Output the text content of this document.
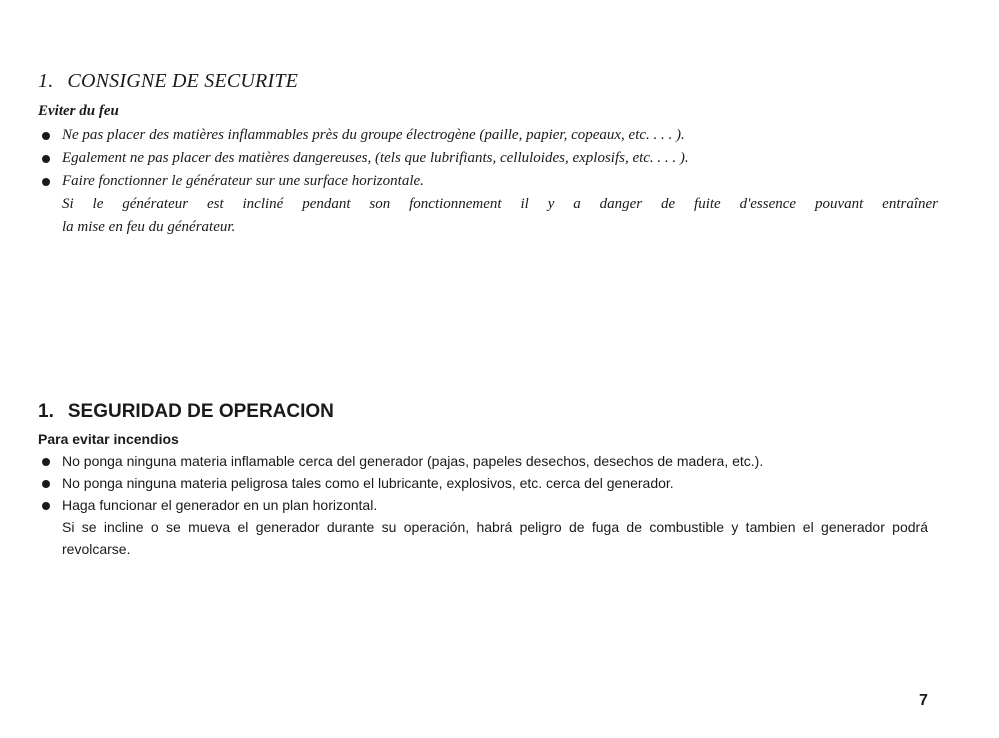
1. CONSIGNE DE SECURITE
Eviter du feu

Ne pas placer des matières inflammables près du groupe électrogène (paille, papier, copeaux, etc. . . . ).

Egalement ne pas placer des matières dangereuses, (tels que lubrifiants, celluloides, explosifs, etc. . . . ).

Faire fonctionner le générateur sur une surface horizontale.

Si le générateur est incliné pendant son fonctionnement il y a danger de fuite d'essence pouvant entraîner

la mise en feu du générateur.

1. SEGURIDAD DE OPERACION
Para evitar incendios

No ponga ninguna materia inflamable cerca del generador (pajas, papeles desechos, desechos de madera, etc.).

No ponga ninguna materia peligrosa tales como el lubricante, explosivos, etc. cerca del generador.

Haga funcionar el generador en un plan horizontal.

Si se incline o se mueva el generador durante su operación, habrá peligro de fuga de combustible y tambien el generador podrá revolcarse.

7
